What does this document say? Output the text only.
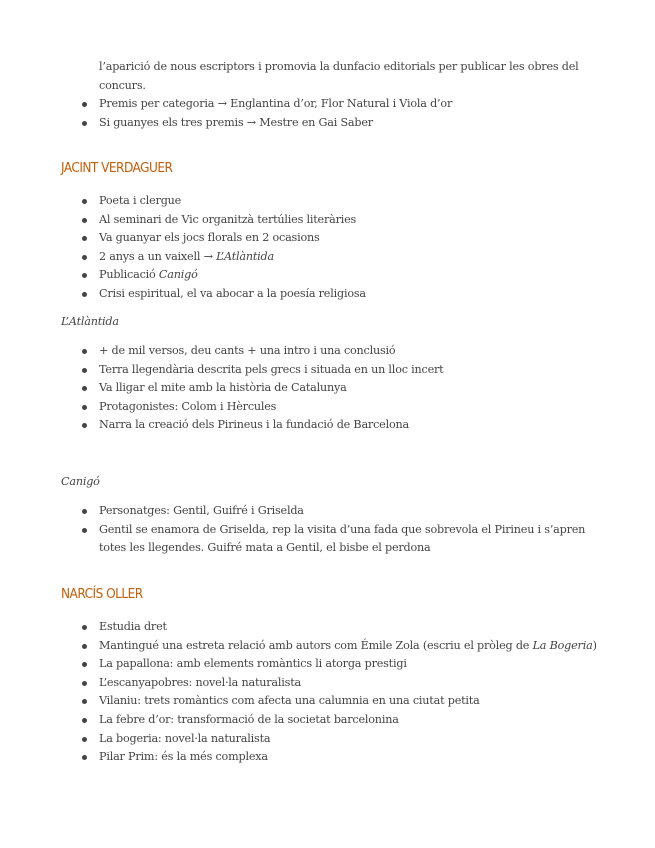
l’aparició de nous escriptors i promovia la dunfacio editorials per publicar les obres del
concurs.
Premis per categoria → Englantina d’or, Flor Natural i Viola d’or
Si guanyes els tres premis → Mestre en Gai Saber
JACINT VERDAGUER
Poeta i clergue
Al seminari de Vic organitzà tertúlies literàries
Va guanyar els jocs florals en 2 ocasions
2 anys a un vaixell → L’Atlàntida
Publicació Canigó
Crisi espiritual, el va abocar a la poesía religiosa
L’Atlàntida
+ de mil versos, deu cants + una intro i una conclusió
Terra llegendària descrita pels grecs i situada en un lloc incert
Va lligar el mite amb la història de Catalunya
Protagonistes: Colom i Hèrcules
Narra la creació dels Pirineus i la fundació de Barcelona
Canigó
Personatges: Gentil, Guifré i Griselda
Gentil se enamora de Griselda, rep la visita d’una fada que sobrevola el Pirineu i s’apren totes les llegendes. Guifré mata a Gentil, el bisbe el perdona
NARCÍS OLLER
Estudia dret
Mantingué una estreta relació amb autors com Émile Zola (escriu el pròleg de La Bogeria)
La papallona: amb elements romàntics li atorga prestigi
L’escanyapobres: novel·la naturalista
Vilaniu: trets romàntics com afecta una calumnia en una ciutat petita
La febre d’or: transformació de la societat barcelonina
La bogeria: novel·la naturalista
Pilar Prim: és la més complexa
